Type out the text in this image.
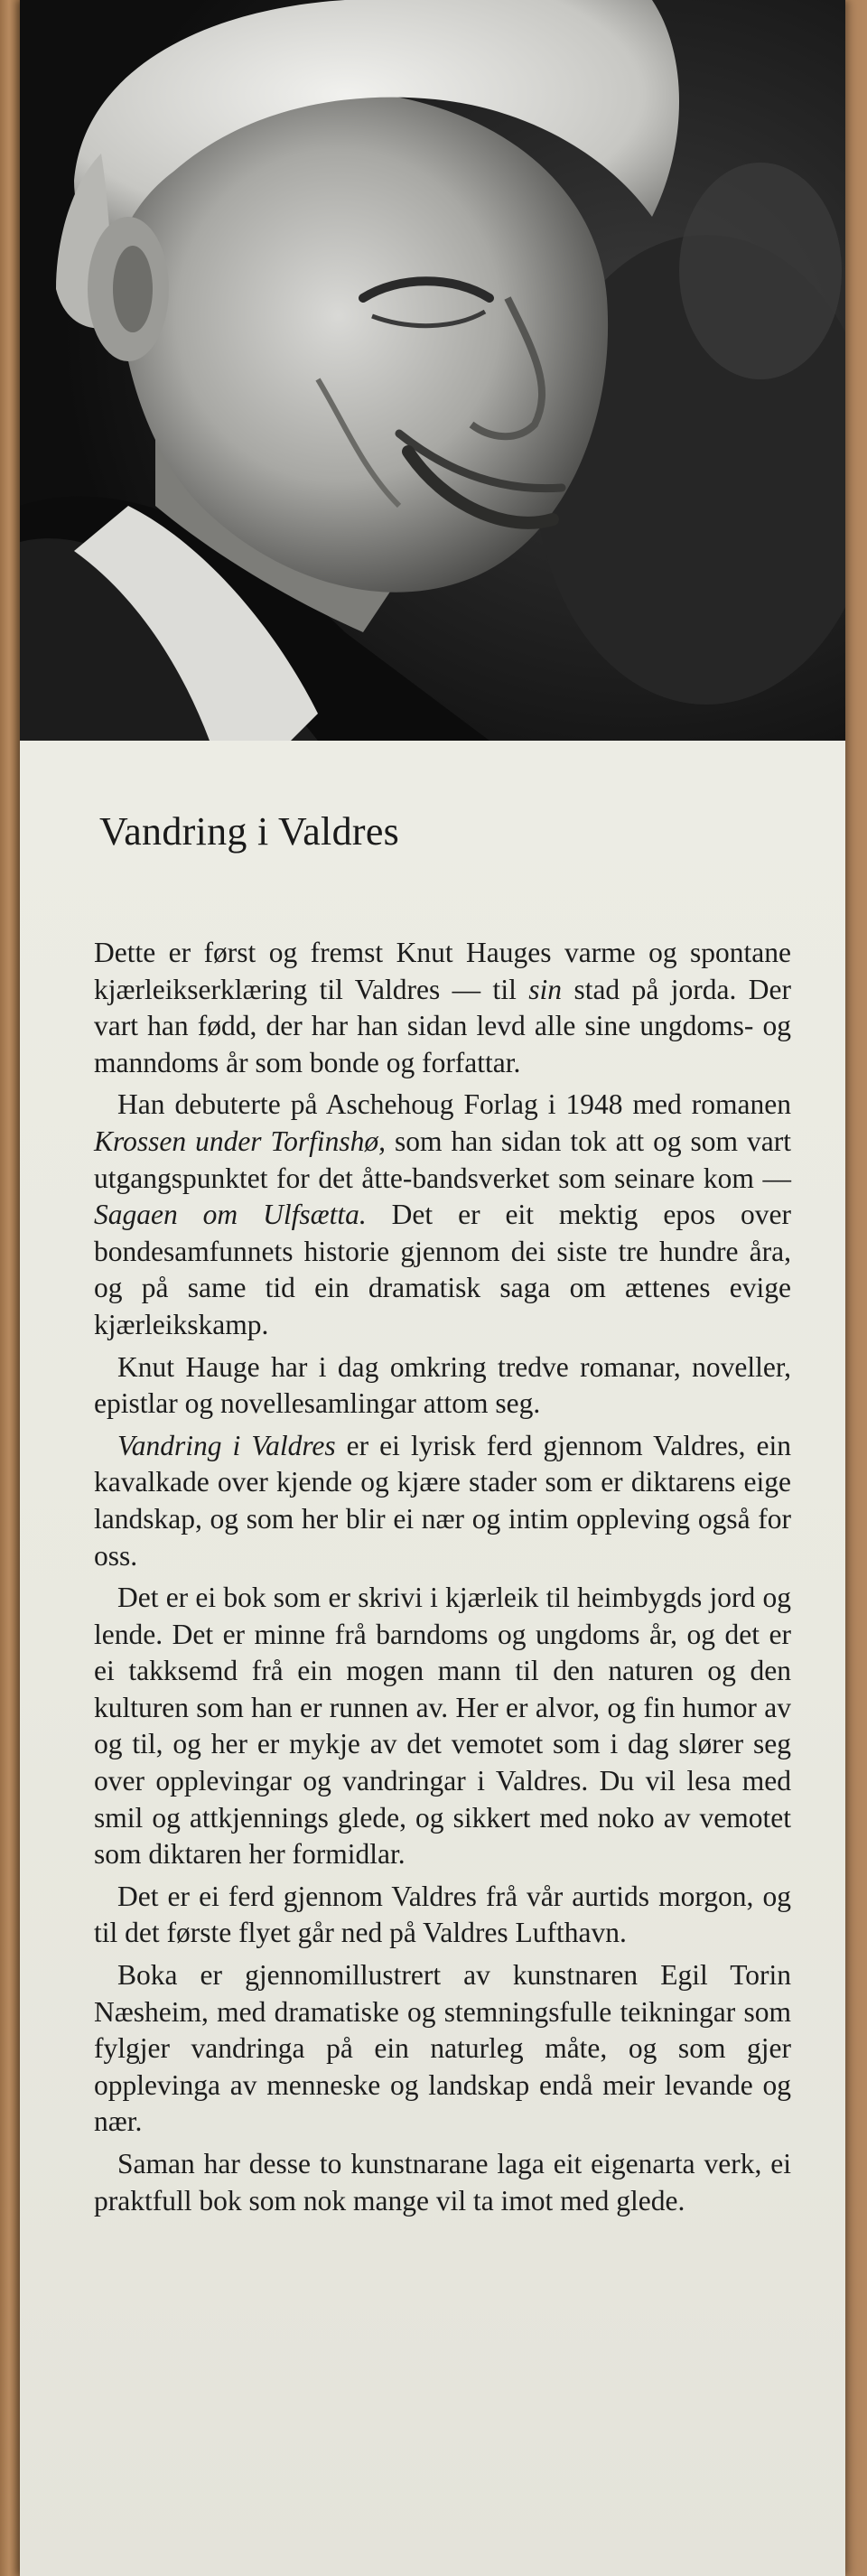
Vandring i Valdres

Dette er først og fremst Knut Hauges varme og spontane kjærleikserklæring til Valdres — til sin stad på jorda. Der vart han fødd, der har han sidan levd alle sine ungdoms- og manndoms år som bonde og forfattar.

Han debuterte på Aschehoug Forlag i 1948 med romanen Krossen under Torfinshø, som han sidan tok att og som vart utgangspunktet for det åtte-bandsverket som seinare kom — Sagaen om Ulfsætta. Det er eit mektig epos over bondesamfunnets historie gjennom dei siste tre hundre åra, og på same tid ein dramatisk saga om ættenes evige kjærleikskamp.

Knut Hauge har i dag omkring tredve romanar, noveller, epistlar og novellesamlingar attom seg.

Vandring i Valdres er ei lyrisk ferd gjennom Valdres, ein kavalkade over kjende og kjære stader som er diktarens eige landskap, og som her blir ei nær og intim oppleving også for oss.

Det er ei bok som er skrivi i kjærleik til heimbygds jord og lende. Det er minne frå barndoms og ungdoms år, og det er ei takksemd frå ein mogen mann til den naturen og den kulturen som han er runnen av. Her er alvor, og fin humor av og til, og her er mykje av det vemotet som i dag slører seg over opplevingar og vandringar i Valdres. Du vil lesa med smil og attkjennings glede, og sikkert med noko av vemotet som diktaren her formidlar.

Det er ei ferd gjennom Valdres frå vår aurtids morgon, og til det første flyet går ned på Valdres Lufthavn.

Boka er gjennomillustrert av kunstnaren Egil Torin Næsheim, med dramatiske og stemningsfulle teikningar som fylgjer vandringa på ein naturleg måte, og som gjer opplevinga av menneske og landskap endå meir levande og nær.

Saman har desse to kunstnarane laga eit eigenarta verk, ei praktfull bok som nok mange vil ta imot med glede.
